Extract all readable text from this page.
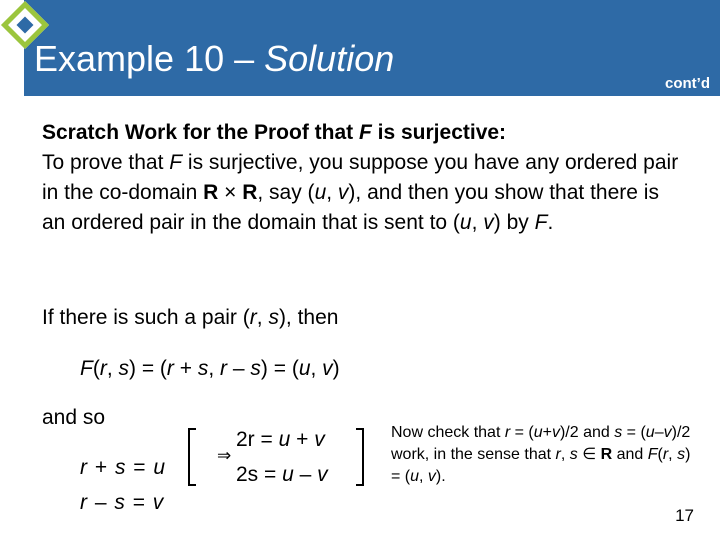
Example 10 – Solution
cont’d
Scratch Work for the Proof that F is surjective:
To prove that F is surjective, you suppose you have any ordered pair in the co-domain R × R, say (u, v), and then you show that there is an ordered pair in the domain that is sent to (u, v) by F.
If there is such a pair (r, s), then
F(r, s) = (r + s, r – s) = (u, v)
and so
r + s = u
r – s = v
⇒
2r = u + v
2s = u – v
Now check that r = (u+v)/2 and s = (u–v)/2 work, in the sense that r, s ∈ R and F(r, s) = (u, v).
17
